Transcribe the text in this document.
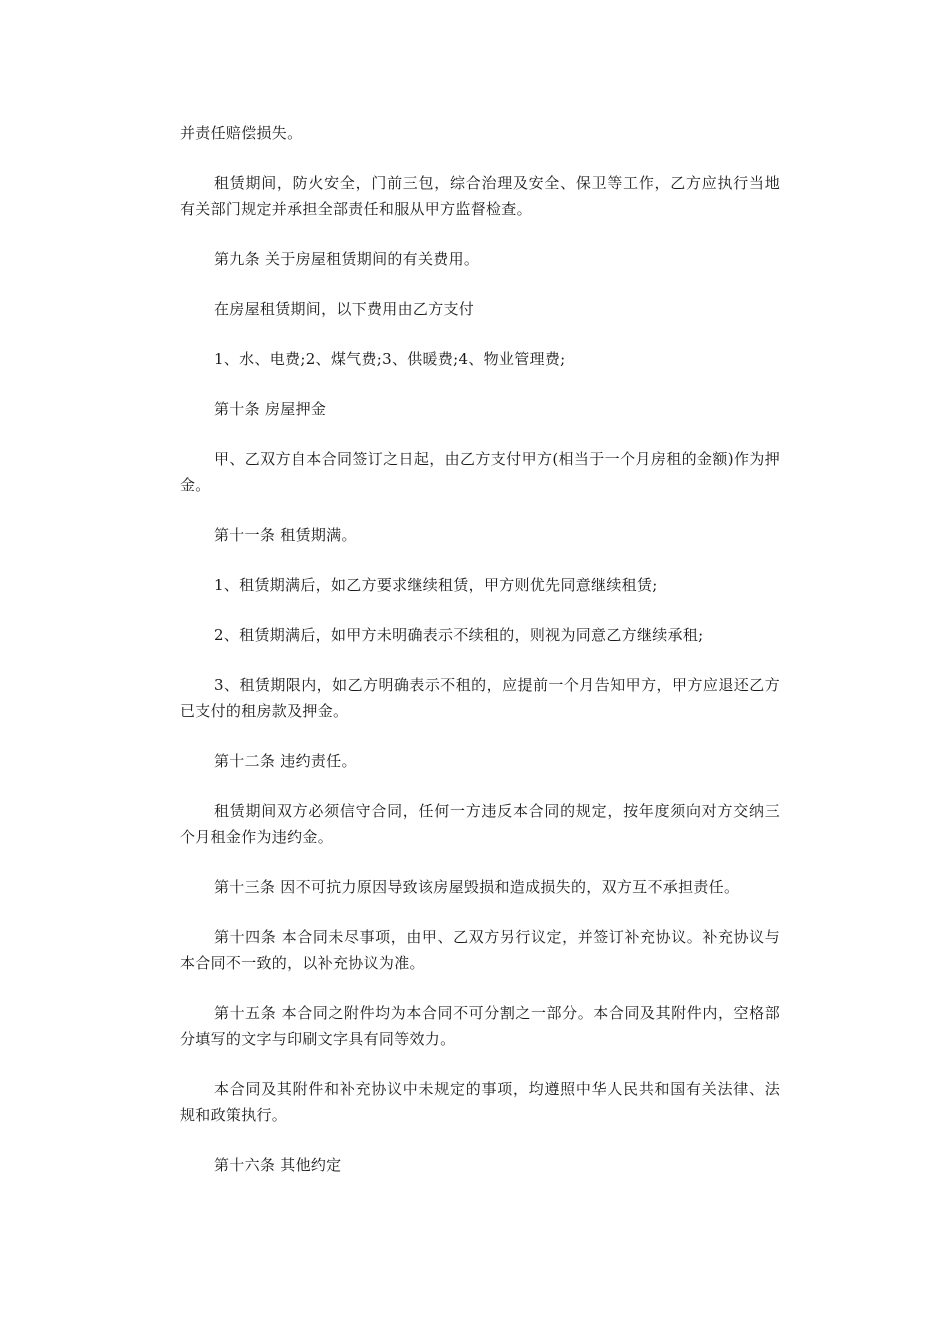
并责任赔偿损失。

租赁期间，防火安全，门前三包，综合治理及安全、保卫等工作，乙方应执行当地有关部门规定并承担全部责任和服从甲方监督检查。

第九条 关于房屋租赁期间的有关费用。

在房屋租赁期间，以下费用由乙方支付

1、水、电费;2、煤气费;3、供暖费;4、物业管理费;

第十条 房屋押金

甲、乙双方自本合同签订之日起，由乙方支付甲方(相当于一个月房租的金额)作为押金。

第十一条 租赁期满。

1、租赁期满后，如乙方要求继续租赁，甲方则优先同意继续租赁;

2、租赁期满后，如甲方未明确表示不续租的，则视为同意乙方继续承租;

3、租赁期限内，如乙方明确表示不租的，应提前一个月告知甲方，甲方应退还乙方已支付的租房款及押金。

第十二条 违约责任。

租赁期间双方必须信守合同，任何一方违反本合同的规定，按年度须向对方交纳三个月租金作为违约金。

第十三条 因不可抗力原因导致该房屋毁损和造成损失的，双方互不承担责任。

第十四条 本合同未尽事项，由甲、乙双方另行议定，并签订补充协议。补充协议与本合同不一致的，以补充协议为准。

第十五条 本合同之附件均为本合同不可分割之一部分。本合同及其附件内，空格部分填写的文字与印刷文字具有同等效力。

本合同及其附件和补充协议中未规定的事项，均遵照中华人民共和国有关法律、法规和政策执行。

第十六条 其他约定
